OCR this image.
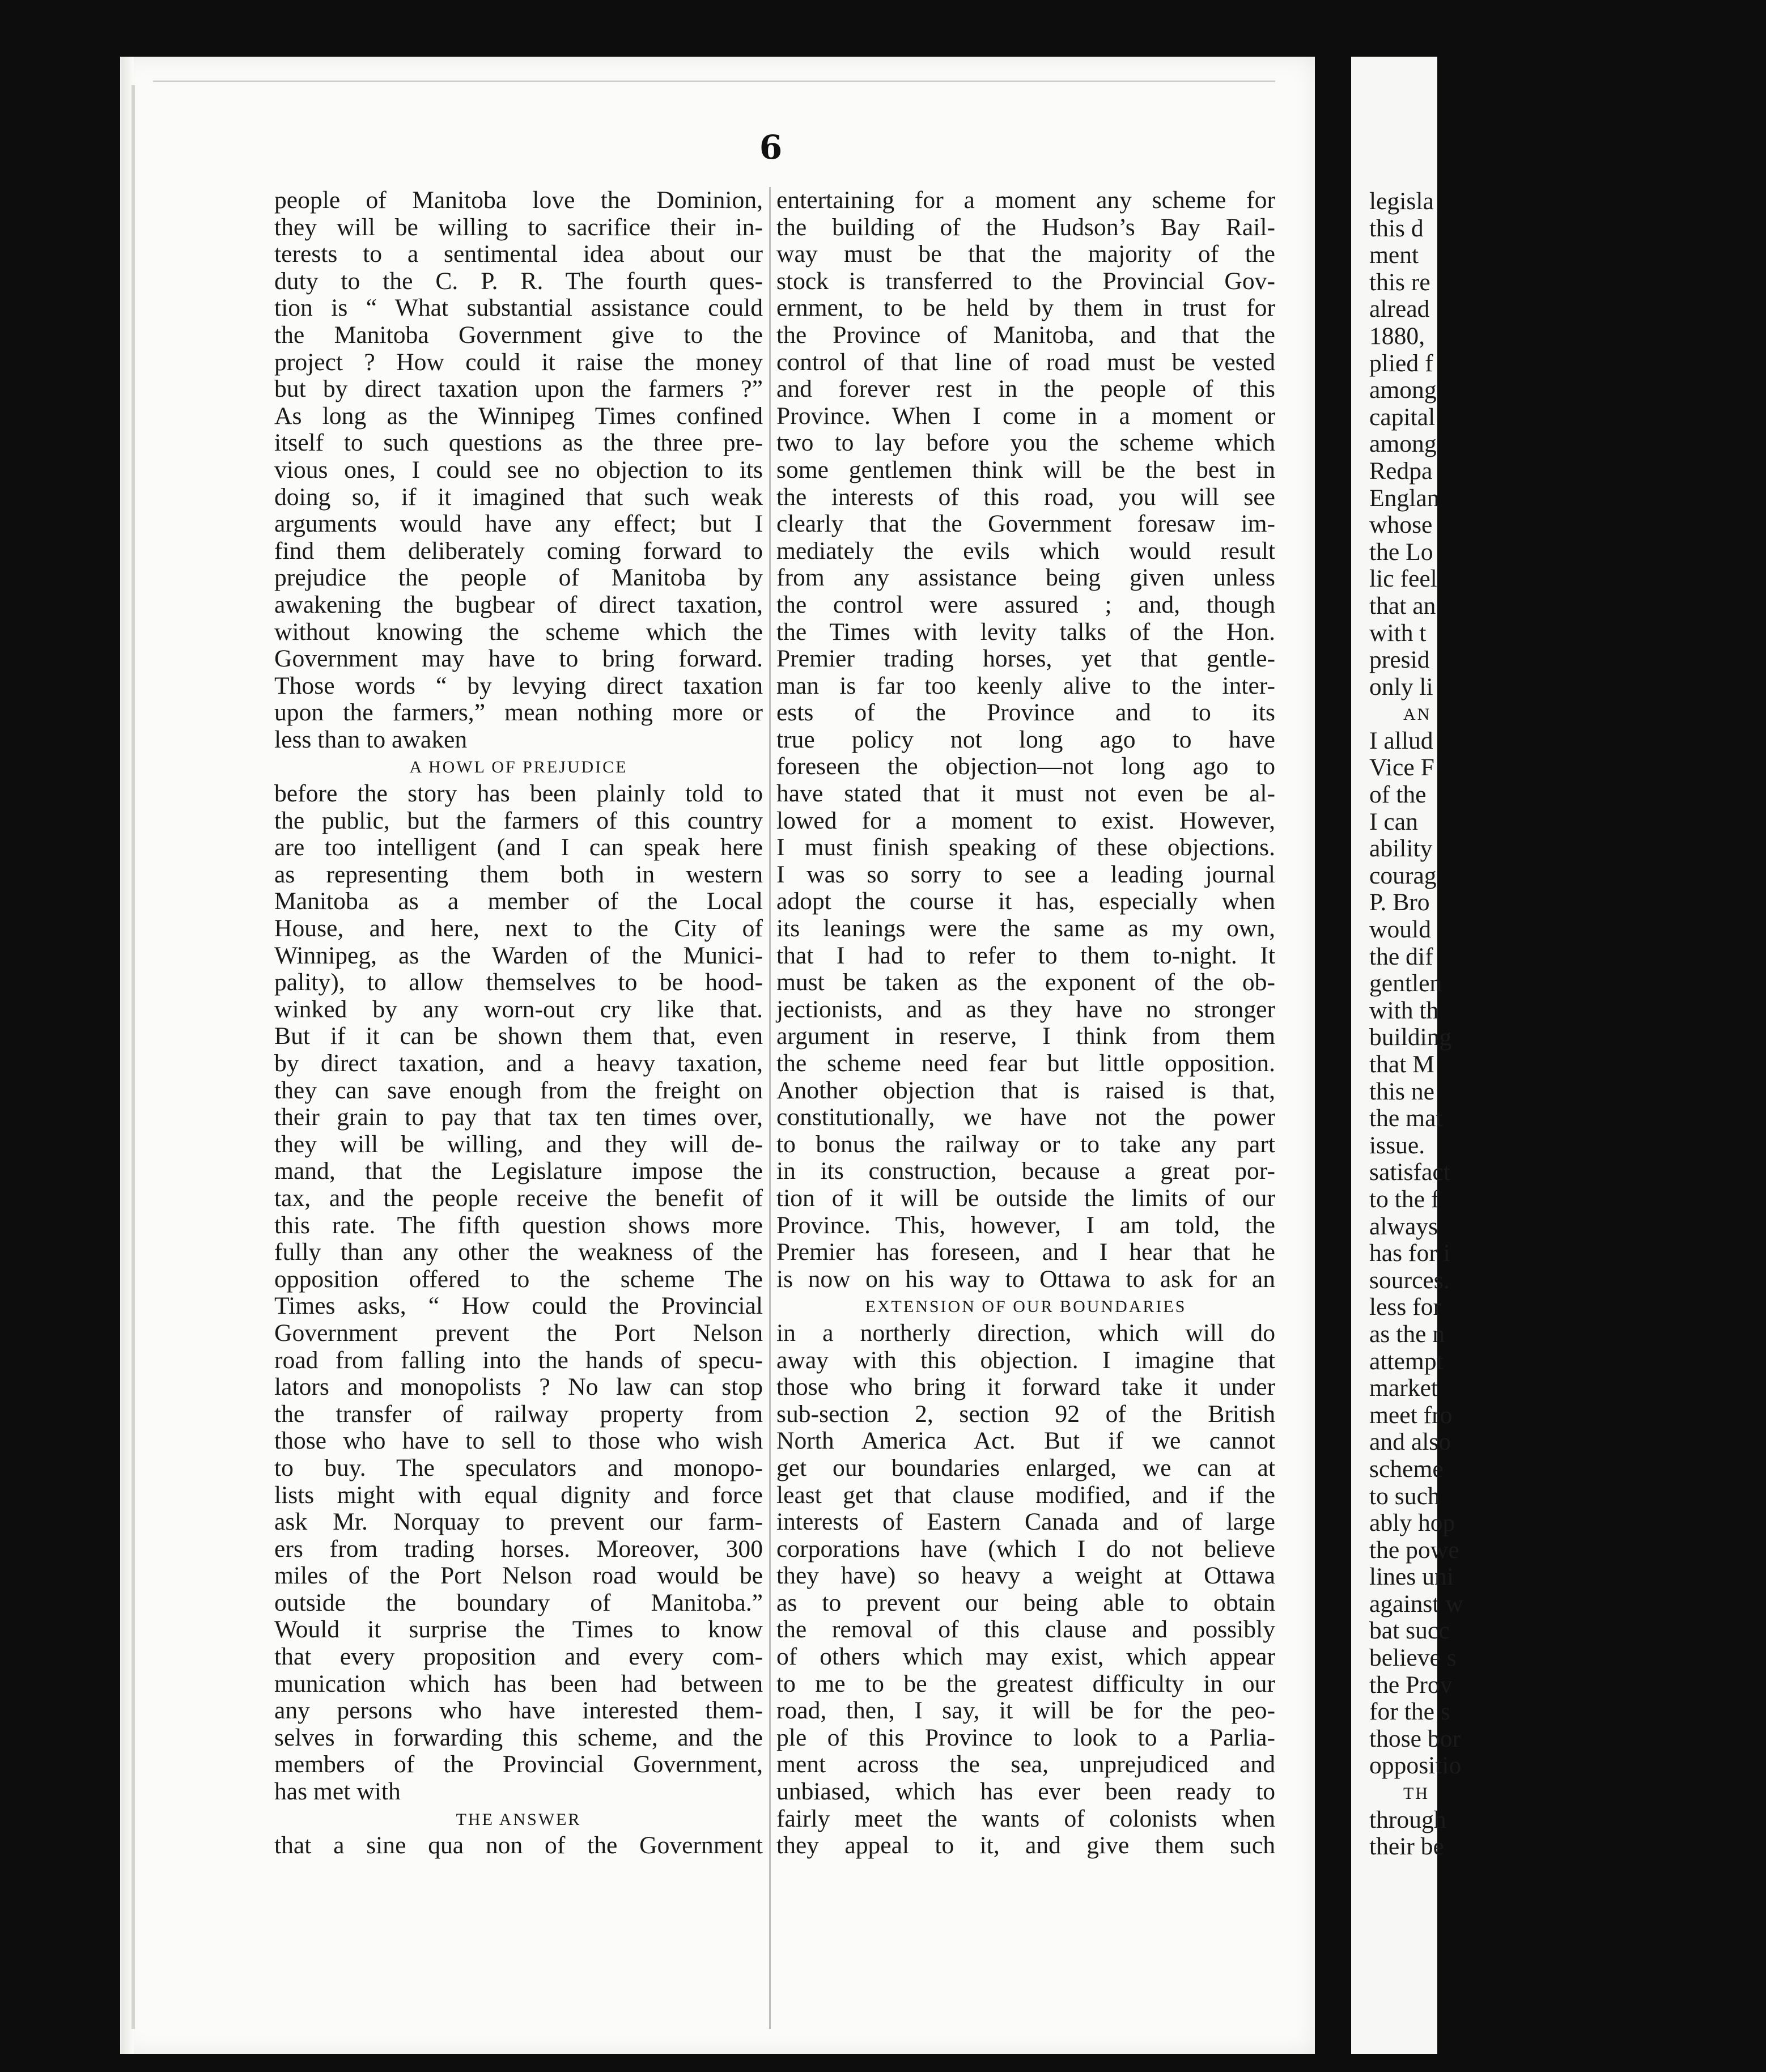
6
people of Manitoba love the Dominion,
they will be willing to sacrifice their in-
terests to a sentimental idea about our
duty to the C. P. R. The fourth ques-
tion is “ What substantial assistance could
the Manitoba Government give to the
project ? How could it raise the money
but by direct taxation upon the farmers ?”
As long as the Winnipeg Times confined
itself to such questions as the three pre-
vious ones, I could see no objection to its
doing so, if it imagined that such weak
arguments would have any effect; but I
find them deliberately coming forward to
prejudice the people of Manitoba by
awakening the bugbear of direct taxation,
without knowing the scheme which the
Government may have to bring forward.
Those words “ by levying direct taxation
upon the farmers,” mean nothing more or
less than to awaken
A HOWL OF PREJUDICE
before the story has been plainly told to
the public, but the farmers of this country
are too intelligent (and I can speak here
as representing them both in western
Manitoba as a member of the Local
House, and here, next to the City of
Winnipeg, as the Warden of the Munici-
pality), to allow themselves to be hood-
winked by any worn-out cry like that.
But if it can be shown them that, even
by direct taxation, and a heavy taxation,
they can save enough from the freight on
their grain to pay that tax ten times over,
they will be willing, and they will de-
mand, that the Legislature impose the
tax, and the people receive the benefit of
this rate. The fifth question shows more
fully than any other the weakness of the
opposition offered to the scheme The
Times asks, “ How could the Provincial
Government prevent the Port Nelson
road from falling into the hands of specu-
lators and monopolists ? No law can stop
the transfer of railway property from
those who have to sell to those who wish
to buy. The speculators and monopo-
lists might with equal dignity and force
ask Mr. Norquay to prevent our farm-
ers from trading horses. Moreover, 300
miles of the Port Nelson road would be
outside the boundary of Manitoba.”
Would it surprise the Times to know
that every proposition and every com-
munication which has been had between
any persons who have interested them-
selves in forwarding this scheme, and the
members of the Provincial Government,
has met with
THE ANSWER
that a sine qua non of the Government
entertaining for a moment any scheme for
the building of the Hudson’s Bay Rail-
way must be that the majority of the
stock is transferred to the Provincial Gov-
ernment, to be held by them in trust for
the Province of Manitoba, and that the
control of that line of road must be vested
and forever rest in the people of this
Province. When I come in a moment or
two to lay before you the scheme which
some gentlemen think will be the best in
the interests of this road, you will see
clearly that the Government foresaw im-
mediately the evils which would result
from any assistance being given unless
the control were assured ; and, though
the Times with levity talks of the Hon.
Premier trading horses, yet that gentle-
man is far too keenly alive to the inter-
ests of the Province and to its
true policy not long ago to have
foreseen the objection—not long ago to
have stated that it must not even be al-
lowed for a moment to exist. However,
I must finish speaking of these objections.
I was so sorry to see a leading journal
adopt the course it has, especially when
its leanings were the same as my own,
that I had to refer to them to-night. It
must be taken as the exponent of the ob-
jectionists, and as they have no stronger
argument in reserve, I think from them
the scheme need fear but little opposition.
Another objection that is raised is that,
constitutionally, we have not the power
to bonus the railway or to take any part
in its construction, because a great por-
tion of it will be outside the limits of our
Province. This, however, I am told, the
Premier has foreseen, and I hear that he
is now on his way to Ottawa to ask for an
EXTENSION OF OUR BOUNDARIES
in a northerly direction, which will do
away with this objection. I imagine that
those who bring it forward take it under
sub-section 2, section 92 of the British
North America Act. But if we cannot
get our boundaries enlarged, we can at
least get that clause modified, and if the
interests of Eastern Canada and of large
corporations have (which I do not believe
they have) so heavy a weight at Ottawa
as to prevent our being able to obtain
the removal of this clause and possibly
of others which may exist, which appear
to me to be the greatest difficulty in our
road, then, I say, it will be for the peo-
ple of this Province to look to a Parlia-
ment across the sea, unprejudiced and
unbiased, which has ever been ready to
fairly meet the wants of colonists when
they appeal to it, and give them such
legisla
this d
ment
this re
alread
1880,
plied f
among
capital
among
Redpa
Englan
whose
the Lo
lic feel
that an
with t
presid
only li
AN
I allud
Vice F
of the
I can
ability
courag
P. Bro
would
the dif
gentlen
with th
building
that M
this ne
the mat
issue.
satisfact
to the f
always
has for i
sources.
less for
as the n
attempt
market
meet fro
and also
scheme
to such
ably hop
the powe
lines uni
against w
bat succ
believe s
the Prov
for the s
those bor
oppositio
TH
through
their be
